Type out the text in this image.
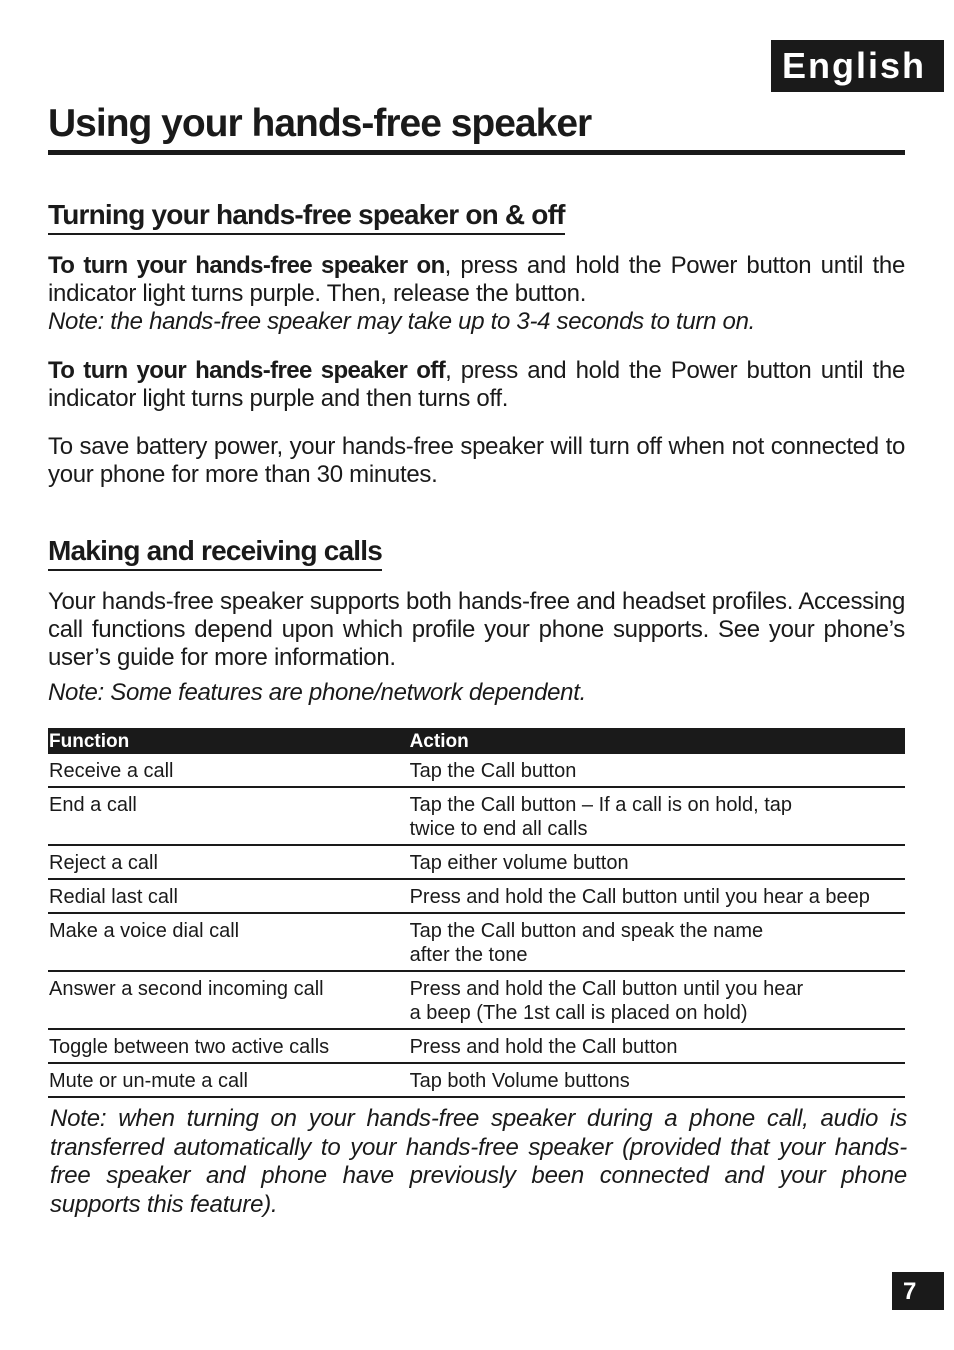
English
Using your hands-free speaker
Turning your hands-free speaker on & off

To turn your hands-free speaker on, press and hold the Power button until the indicator light turns purple. Then, release the button.
Note: the hands-free speaker may take up to 3-4 seconds to turn on.

To turn your hands-free speaker off, press and hold the Power button until the indicator light turns purple and then turns off.

To save battery power, your hands-free speaker will turn off when not connected to your phone for more than 30 minutes.

Making and receiving calls

Your hands-free speaker supports both hands-free and headset profiles. Accessing call functions depend upon which profile your phone supports. See your phone’s user’s guide for more information.

Note: Some features are phone/network dependent.

Function	Action
Receive a call	Tap the Call button
End a call	Tap the Call button – If a call is on hold, tap
twice to end all calls
Reject a call	Tap either volume button
Redial last call	Press and hold the Call button until you hear a beep
Make a voice dial call	Tap the Call button and speak the name
after the tone
Answer a second incoming call	Press and hold the Call button until you hear
a beep (The 1st call is placed on hold)
Toggle between two active calls	Press and hold the Call button
Mute or un-mute a call	Tap both Volume buttons

Note: when turning on your hands-free speaker during a phone call, audio is transferred automatically to your hands-free speaker (provided that your hands-free speaker and phone have previously been connected and your phone supports this feature).

7
